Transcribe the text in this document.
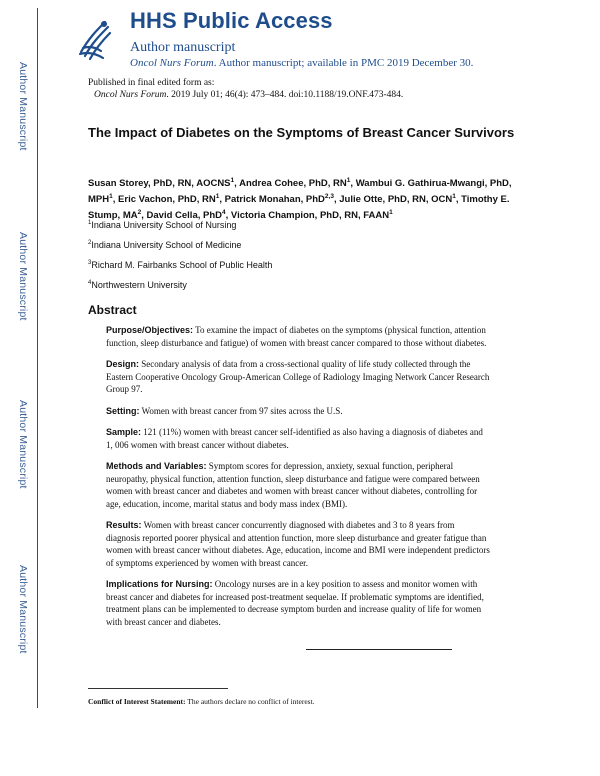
Author Manuscript
Author Manuscript
Author Manuscript
Author Manuscript
HHS Public Access
Author manuscript
Oncol Nurs Forum. Author manuscript; available in PMC 2019 December 30.
Published in final edited form as:
Oncol Nurs Forum. 2019 July 01; 46(4): 473–484. doi:10.1188/19.ONF.473-484.
The Impact of Diabetes on the Symptoms of Breast Cancer Survivors
Susan Storey, PhD, RN, AOCNS$^1$, Andrea Cohee, PhD, $RN^1$, Wambui G. Gathirua-Mwangi, PhD, MPH$^1$, Eric Vachon, PhD, $RN^1$, Patrick Monahan, PhD$^{2,3}$, Julie Otte, PhD, RN, OCN$^1$, Timothy E. Stump, $MA^2$, David Cella, PhD$^4$, Victoria Champion, PhD, RN, FAAN$^1$
$^1$Indiana University School of Nursing
$^2$Indiana University School of Medicine
$^3$Richard M. Fairbanks School of Public Health
$^4$Northwestern University
Abstract

Purpose/Objectives: To examine the impact of diabetes on the symptoms (physical function, attention function, sleep disturbance and fatigue) of women with breast cancer compared to those without diabetes.

Design: Secondary analysis of data from a cross-sectional quality of life study collected through the Eastern Cooperative Oncology Group-American College of Radiology Imaging Network Cancer Research Group 97.

Setting: Women with breast cancer from 97 sites across the U.S.

Sample: 121 (11%) women with breast cancer self-identified as also having a diagnosis of diabetes and 1, 006 women with breast cancer without diabetes.

Methods and Variables: Symptom scores for depression, anxiety, sexual function, peripheral neuropathy, physical function, attention function, sleep disturbance and fatigue were compared between women with breast cancer and diabetes and women with breast cancer without diabetes, controlling for age, education, income, marital status and body mass index (BMI).

Results: Women with breast cancer concurrently diagnosed with diabetes and 3 to 8 years from diagnosis reported poorer physical and attention function, more sleep disturbance and greater fatigue than women with breast cancer without diabetes. Age, education, income and BMI were independent predictors of symptoms experienced by women with breast cancer.

Implications for Nursing: Oncology nurses are in a key position to assess and monitor women with breast cancer and diabetes for increased post-treatment sequelae. If problematic symptoms are identified, treatment plans can be implemented to decrease symptom burden and increase quality of life for women with breast cancer and diabetes.

Conflict of Interest Statement: The authors declare no conflict of interest.
